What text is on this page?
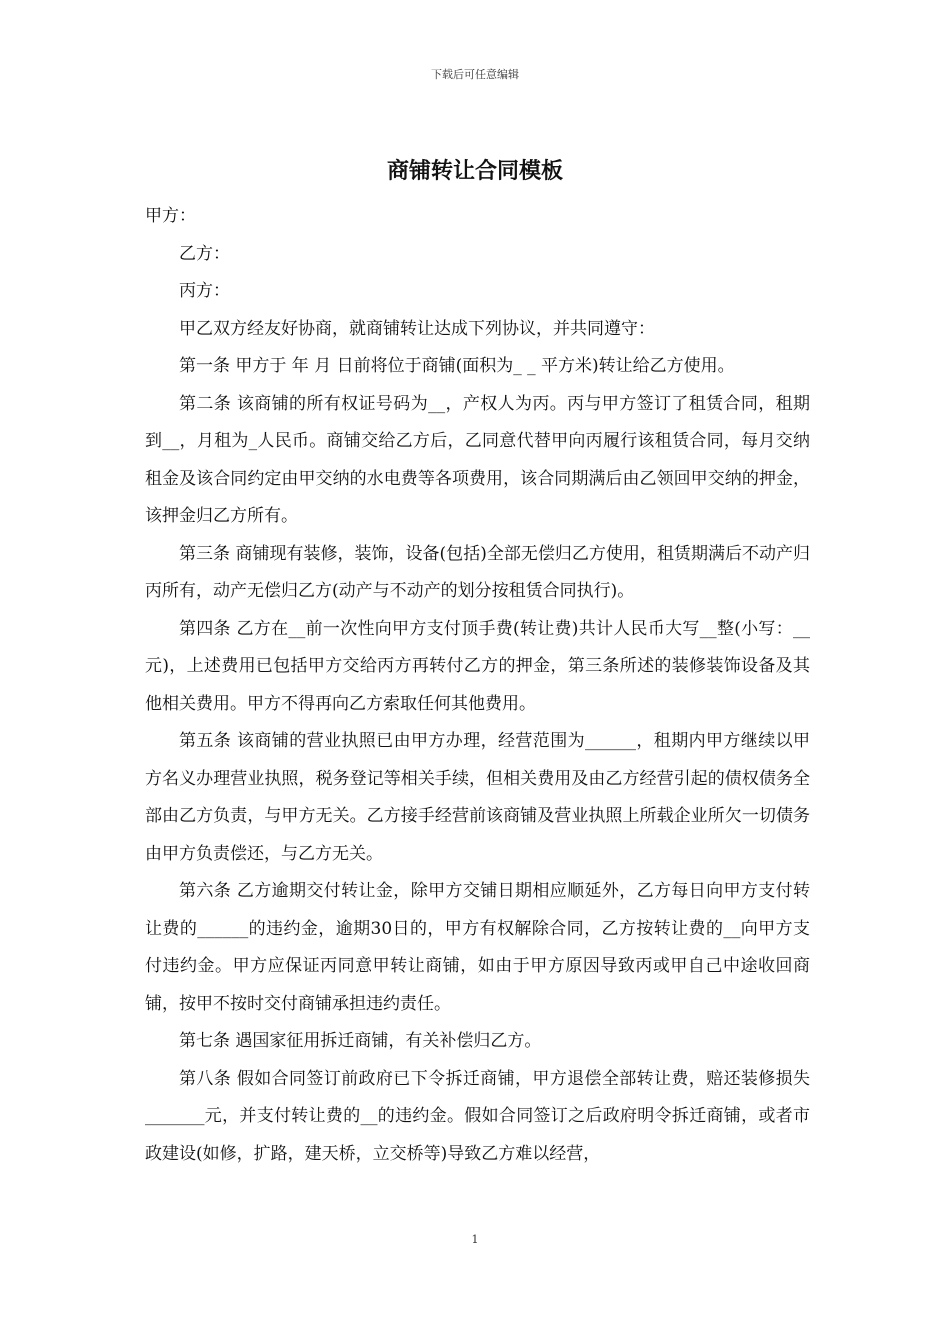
下载后可任意编辑
商铺转让合同模板

甲方：

乙方：

丙方：

甲乙双方经友好协商，就商铺转让达成下列协议，并共同遵守：

第一条 甲方于 年 月 日前将位于商铺(面积为_ _ 平方米)转让给乙方使用。

第二条 该商铺的所有权证号码为__，产权人为丙。丙与甲方签订了租赁合同，租期到__，月租为_人民币。商铺交给乙方后，乙同意代替甲向丙履行该租赁合同，每月交纳租金及该合同约定由甲交纳的水电费等各项费用，该合同期满后由乙领回甲交纳的押金，该押金归乙方所有。

第三条 商铺现有装修，装饰，设备(包括)全部无偿归乙方使用，租赁期满后不动产归丙所有，动产无偿归乙方(动产与不动产的划分按租赁合同执行)。

第四条 乙方在__前一次性向甲方支付顶手费(转让费)共计人民币大写__整(小写：__元)，上述费用已包括甲方交给丙方再转付乙方的押金，第三条所述的装修装饰设备及其他相关费用。甲方不得再向乙方索取任何其他费用。

第五条 该商铺的营业执照已由甲方办理，经营范围为______，租期内甲方继续以甲方名义办理营业执照，税务登记等相关手续，但相关费用及由乙方经营引起的债权债务全部由乙方负责，与甲方无关。乙方接手经营前该商铺及营业执照上所载企业所欠一切债务由甲方负责偿还，与乙方无关。

第六条 乙方逾期交付转让金，除甲方交铺日期相应顺延外，乙方每日向甲方支付转让费的______的违约金，逾期30日的，甲方有权解除合同，乙方按转让费的__向甲方支付违约金。甲方应保证丙同意甲转让商铺，如由于甲方原因导致丙或甲自己中途收回商铺，按甲不按时交付商铺承担违约责任。

第七条 遇国家征用拆迁商铺，有关补偿归乙方。

第八条 假如合同签订前政府已下令拆迁商铺，甲方退偿全部转让费，赔还装修损失_______元，并支付转让费的__的违约金。假如合同签订之后政府明令拆迁商铺，或者市政建设(如修，扩路，建天桥，立交桥等)导致乙方难以经营，

1
